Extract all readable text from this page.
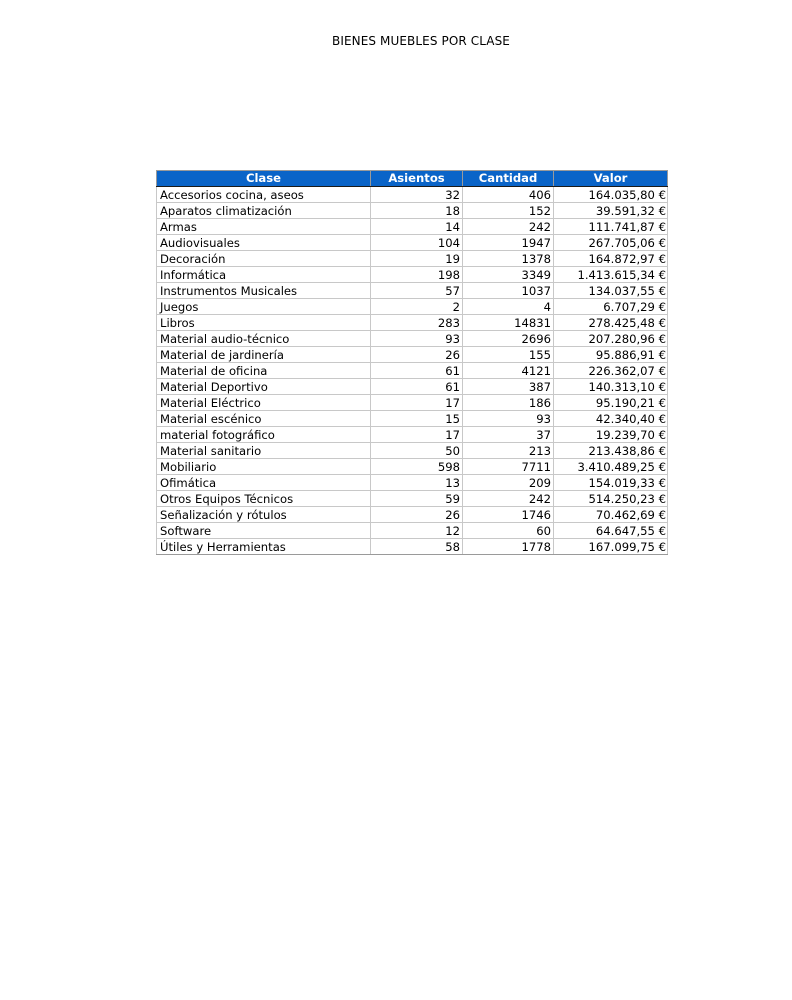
BIENES MUEBLES POR CLASE
Clase	Asientos	Cantidad	Valor
Accesorios cocina, aseos	32	406	164.035,80 €
Aparatos climatización	18	152	39.591,32 €
Armas	14	242	111.741,87 €
Audiovisuales	104	1947	267.705,06 €
Decoración	19	1378	164.872,97 €
Informática	198	3349	1.413.615,34 €
Instrumentos Musicales	57	1037	134.037,55 €
Juegos	2	4	6.707,29 €
Libros	283	14831	278.425,48 €
Material audio-técnico	93	2696	207.280,96 €
Material de jardinería	26	155	95.886,91 €
Material de oficina	61	4121	226.362,07 €
Material Deportivo	61	387	140.313,10 €
Material Eléctrico	17	186	95.190,21 €
Material escénico	15	93	42.340,40 €
material fotográfico	17	37	19.239,70 €
Material sanitario	50	213	213.438,86 €
Mobiliario	598	7711	3.410.489,25 €
Ofimática	13	209	154.019,33 €
Otros Equipos Técnicos	59	242	514.250,23 €
Señalización y rótulos	26	1746	70.462,69 €
Software	12	60	64.647,55 €
Útiles y Herramientas	58	1778	167.099,75 €
